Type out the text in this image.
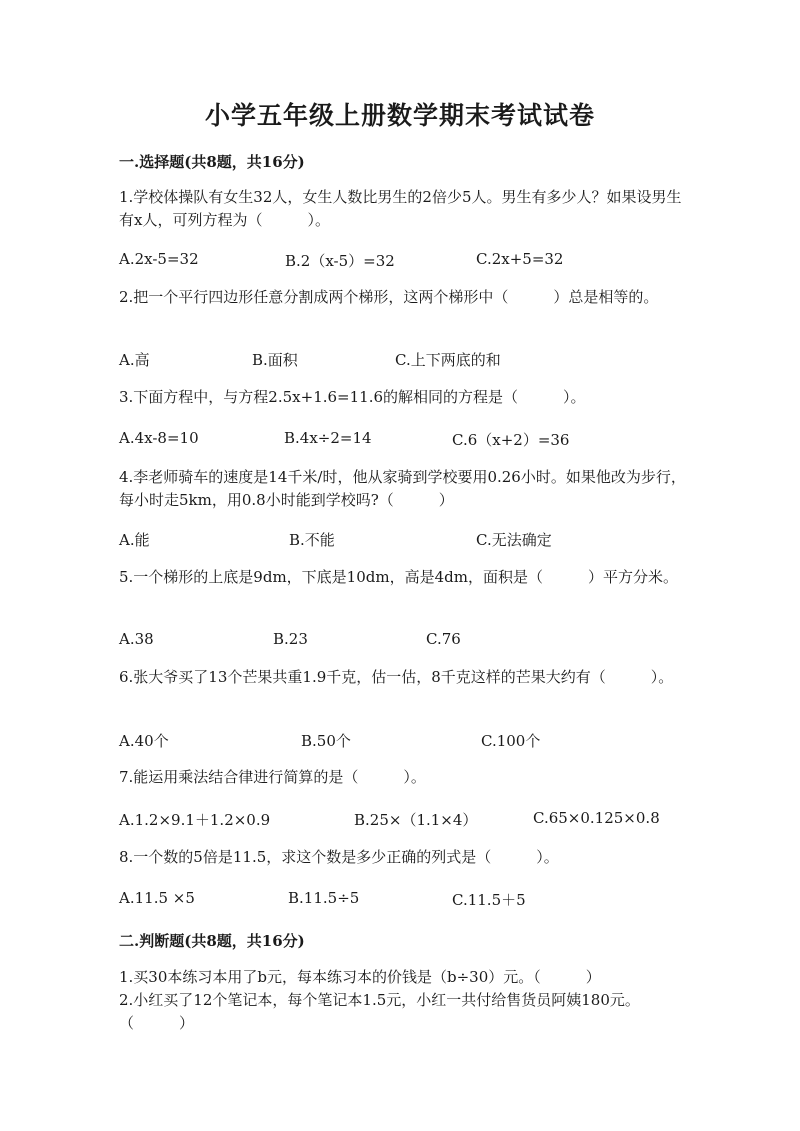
小学五年级上册数学期末考试试卷
一.选择题(共8题，共16分)
1.学校体操队有女生32人，女生人数比男生的2倍少5人。男生有多少人？如果设男生有x人，可列方程为（　　　）。
A.2x-5=32	B.2（x-5）=32	C.2x+5=32
2.把一个平行四边形任意分割成两个梯形，这两个梯形中（　　　）总是相等的。
A.高	B.面积	C.上下两底的和
3.下面方程中，与方程2.5x+1.6=11.6的解相同的方程是（　　　）。
A.4x-8=10	B.4x÷2=14	C.6（x+2）=36
4.李老师骑车的速度是14千米/时，他从家骑到学校要用0.26小时。如果他改为步行，每小时走5km，用0.8小时能到学校吗?（　　　）
A.能	B.不能	C.无法确定
5.一个梯形的上底是9dm，下底是10dm，高是4dm，面积是（　　　）平方分米。
A.38	B.23	C.76
6.张大爷买了13个芒果共重1.9千克，估一估，8千克这样的芒果大约有（　　　）。
A.40个	B.50个	C.100个
7.能运用乘法结合律进行简算的是（　　　）。
A.1.2×9.1＋1.2×0.9	B.25×（1.1×4）	C.65×0.125×0.8
8.一个数的5倍是11.5，求这个数是多少正确的列式是（　　　）。
A.11.5 ×5	B.11.5÷5	C.11.5＋5
二.判断题(共8题，共16分)
1.买30本练习本用了b元，每本练习本的价钱是（b÷30）元。（　　　）
2.小红买了12个笔记本，每个笔记本1.5元，小红一共付给售货员阿姨180元。（　　　）
